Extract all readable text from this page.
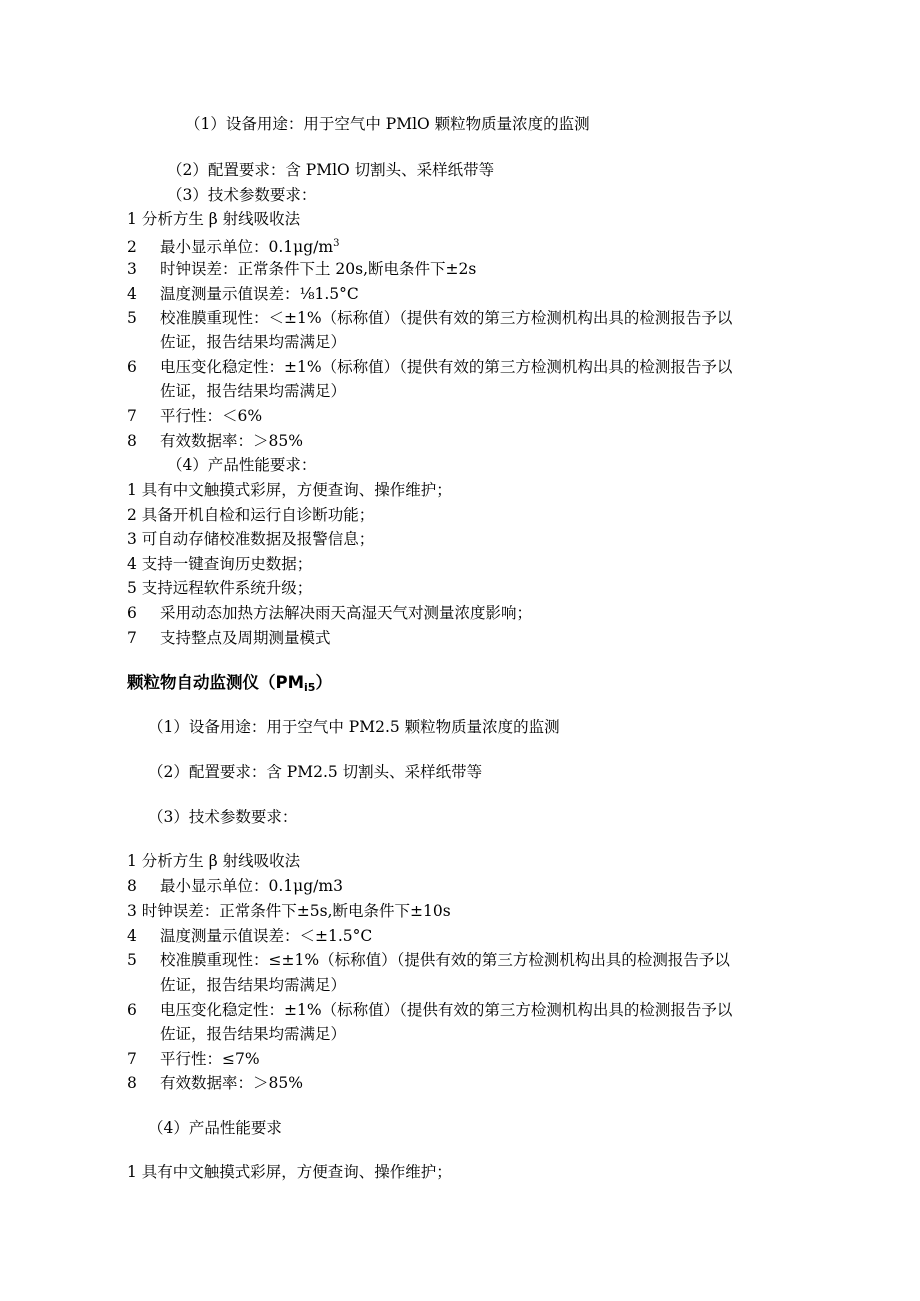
（1）设备用途：用于空气中 PMlO 颗粒物质量浓度的监测
（2）配置要求：含 PMlO 切割头、采样纸带等
（3）技术参数要求：
1 分析方生 β 射线吸收法
2 最小显示单位：$0.1\mu g∕m^3$
3 时钟误差：正常条件下土 20s,断电条件下±2s
4 温度测量示值误差：⅛1.5°C
5 校准膜重现性：＜±1%（标称值）（提供有效的第三方检测机构出具的检测报告予以
佐证，报告结果均需满足）
6 电压变化稳定性：±1%（标称值）（提供有效的第三方检测机构出具的检测报告予以
佐证，报告结果均需满足）
7 平行性：＜6%
8 有效数据率：＞85%
（4）产品性能要求：
1 具有中文触摸式彩屏，方便查询、操作维护；
2 具备开机自检和运行自诊断功能；
3 可自动存储校准数据及报警信息；
4 支持一键查询历史数据；
5 支持远程软件系统升级；
6 采用动态加热方法解决雨天高湿天气对测量浓度影响；
7 支持整点及周期测量模式
颗粒物自动监测仪$(PM_{i5})$
（1）设备用途：用于空气中 PM2.5 颗粒物质量浓度的监测
（2）配置要求：含 PM2.5 切割头、采样纸带等
（3）技术参数要求：
1 分析方生 β 射线吸收法
8 最小显示单位：0.1μg∕m3
3 时钟误差：正常条件下±5s,断电条件下±10s
4 温度测量示值误差：＜±1.5°C
5 校准膜重现性：≤±1%（标称值）（提供有效的第三方检测机构出具的检测报告予以
佐证，报告结果均需满足）
6 电压变化稳定性：±1%（标称值）（提供有效的第三方检测机构出具的检测报告予以
佐证，报告结果均需满足）
7 平行性：≤7%
8 有效数据率：＞85%
（4）产品性能要求
1 具有中文触摸式彩屏，方便查询、操作维护；
